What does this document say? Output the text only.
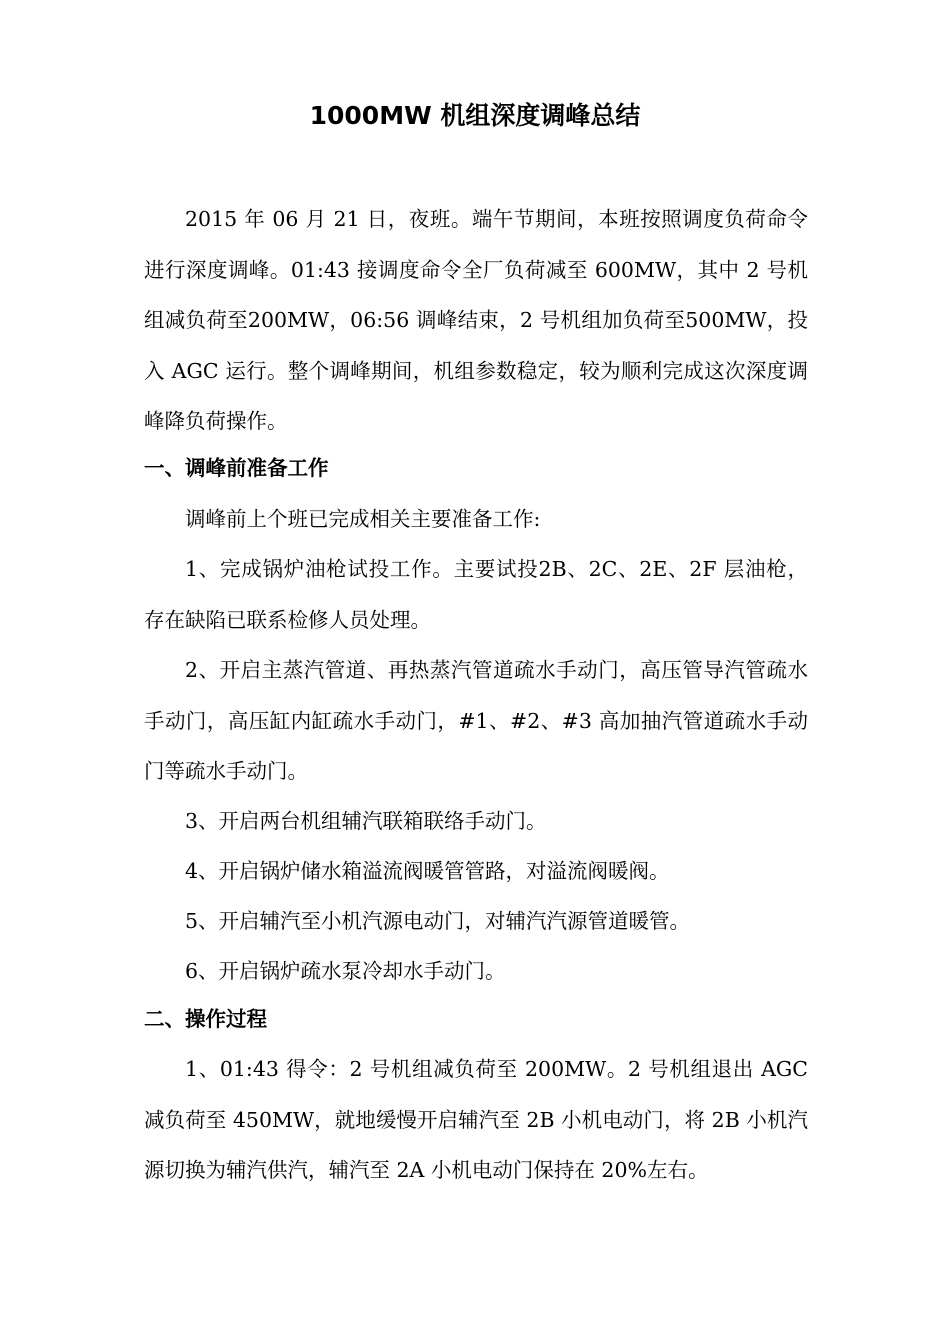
1000MW 机组深度调峰总结

2015 年 06 月 21 日，夜班。端午节期间，本班按照调度负荷命令进行深度调峰。01:43 接调度命令全厂负荷减至 600MW，其中 2 号机组减负荷至200MW，06:56 调峰结束，2 号机组加负荷至500MW，投入 AGC 运行。整个调峰期间，机组参数稳定，较为顺利完成这次深度调峰降负荷操作。

一、调峰前准备工作

调峰前上个班已完成相关主要准备工作:

1、完成锅炉油枪试投工作。主要试投2B、2C、2E、2F 层油枪，存在缺陷已联系检修人员处理。

2、开启主蒸汽管道、再热蒸汽管道疏水手动门，高压管导汽管疏水手动门，高压缸内缸疏水手动门，#1、#2、#3 高加抽汽管道疏水手动门等疏水手动门。

3、开启两台机组辅汽联箱联络手动门。

4、开启锅炉储水箱溢流阀暖管管路，对溢流阀暖阀。

5、开启辅汽至小机汽源电动门，对辅汽汽源管道暖管。

6、开启锅炉疏水泵冷却水手动门。

二、操作过程

1、01:43 得令：2 号机组减负荷至 200MW。2 号机组退出 AGC 减负荷至 450MW，就地缓慢开启辅汽至 2B 小机电动门，将 2B 小机汽源切换为辅汽供汽，辅汽至 2A 小机电动门保持在 20%左右。
